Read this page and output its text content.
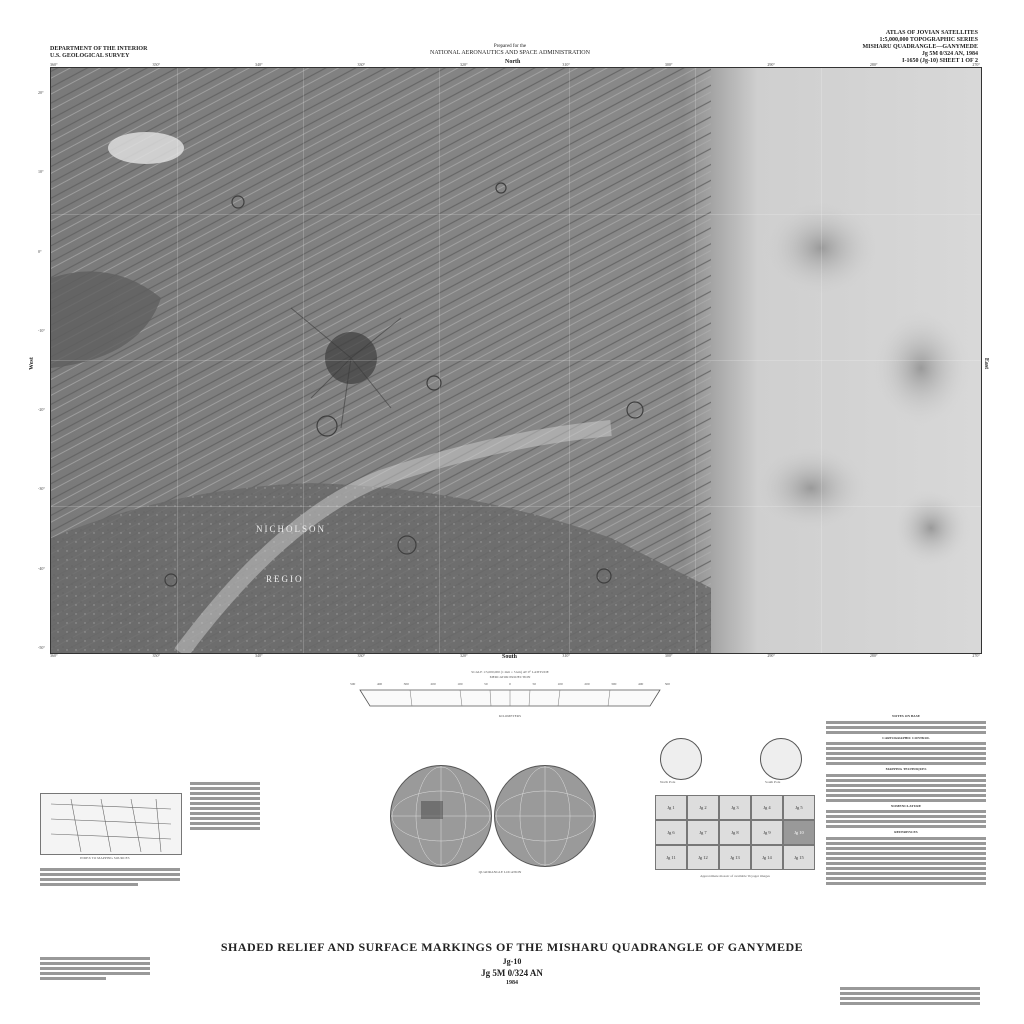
DEPARTMENT OF THE INTERIOR
U.S. GEOLOGICAL SURVEY
Prepared for the
NATIONAL AERONAUTICS AND SPACE ADMINISTRATION
ATLAS OF JOVIAN SATELLITES
1:5,000,000 TOPOGRAPHIC SERIES
MISHARU QUADRANGLE—GANYMEDE
Jg 5M 0/324 AN, 1984
I-1650 (Jg-10) SHEET 1 OF 2
North
South
West	East
NICHOLSON
REGIO
360°	350°	340°	330°	320°	310°	300°	290°	280°	270°
360°	350°	340°	330°	320°	310°	300°	290°	280°	270°
20°
10°
0°
-10°
-20°
-30°
-40°
-50°
SCALE 1:5,000,000 (1 mm = 5 km) AT 0° LATITUDE
MERCATOR PROJECTION
500	400	300	200	100	50	0	50	100	200	300	400	500
KILOMETERS
INDEX TO MAPPING SOURCES
QUADRANGLE LOCATION
North Pole	South Pole
Jg 1	Jg 2	Jg 3	Jg 4	Jg 5
Jg 6	Jg 7	Jg 8	Jg 9	Jg 10
Jg 11	Jg 12	Jg 13	Jg 14	Jg 15
Approximate mosaic of available Voyager images
NOTES ON BASE
CARTOGRAPHIC CONTROL
MAPPING TECHNIQUES
NOMENCLATURE
REFERENCES
SHADED RELIEF AND SURFACE MARKINGS OF THE MISHARU QUADRANGLE OF GANYMEDE
Jg-10
Jg 5M 0/324 AN
1984
